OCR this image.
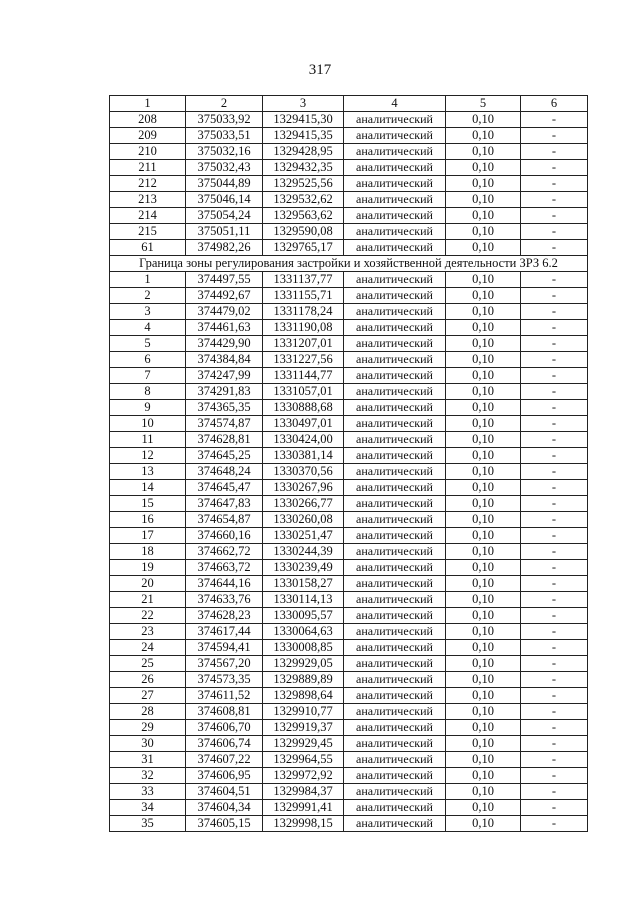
317
1	2	3	4	5	6
208	375033,92	1329415,30	аналитический	0,10	-
209	375033,51	1329415,35	аналитический	0,10	-
210	375032,16	1329428,95	аналитический	0,10	-
211	375032,43	1329432,35	аналитический	0,10	-
212	375044,89	1329525,56	аналитический	0,10	-
213	375046,14	1329532,62	аналитический	0,10	-
214	375054,24	1329563,62	аналитический	0,10	-
215	375051,11	1329590,08	аналитический	0,10	-
61	374982,26	1329765,17	аналитический	0,10	-
Граница зоны регулирования застройки и хозяйственной деятельности ЗРЗ 6.2					
1	374497,55	1331137,77	аналитический	0,10	-
2	374492,67	1331155,71	аналитический	0,10	-
3	374479,02	1331178,24	аналитический	0,10	-
4	374461,63	1331190,08	аналитический	0,10	-
5	374429,90	1331207,01	аналитический	0,10	-
6	374384,84	1331227,56	аналитический	0,10	-
7	374247,99	1331144,77	аналитический	0,10	-
8	374291,83	1331057,01	аналитический	0,10	-
9	374365,35	1330888,68	аналитический	0,10	-
10	374574,87	1330497,01	аналитический	0,10	-
11	374628,81	1330424,00	аналитический	0,10	-
12	374645,25	1330381,14	аналитический	0,10	-
13	374648,24	1330370,56	аналитический	0,10	-
14	374645,47	1330267,96	аналитический	0,10	-
15	374647,83	1330266,77	аналитический	0,10	-
16	374654,87	1330260,08	аналитический	0,10	-
17	374660,16	1330251,47	аналитический	0,10	-
18	374662,72	1330244,39	аналитический	0,10	-
19	374663,72	1330239,49	аналитический	0,10	-
20	374644,16	1330158,27	аналитический	0,10	-
21	374633,76	1330114,13	аналитический	0,10	-
22	374628,23	1330095,57	аналитический	0,10	-
23	374617,44	1330064,63	аналитический	0,10	-
24	374594,41	1330008,85	аналитический	0,10	-
25	374567,20	1329929,05	аналитический	0,10	-
26	374573,35	1329889,89	аналитический	0,10	-
27	374611,52	1329898,64	аналитический	0,10	-
28	374608,81	1329910,77	аналитический	0,10	-
29	374606,70	1329919,37	аналитический	0,10	-
30	374606,74	1329929,45	аналитический	0,10	-
31	374607,22	1329964,55	аналитический	0,10	-
32	374606,95	1329972,92	аналитический	0,10	-
33	374604,51	1329984,37	аналитический	0,10	-
34	374604,34	1329991,41	аналитический	0,10	-
35	374605,15	1329998,15	аналитический	0,10	-
